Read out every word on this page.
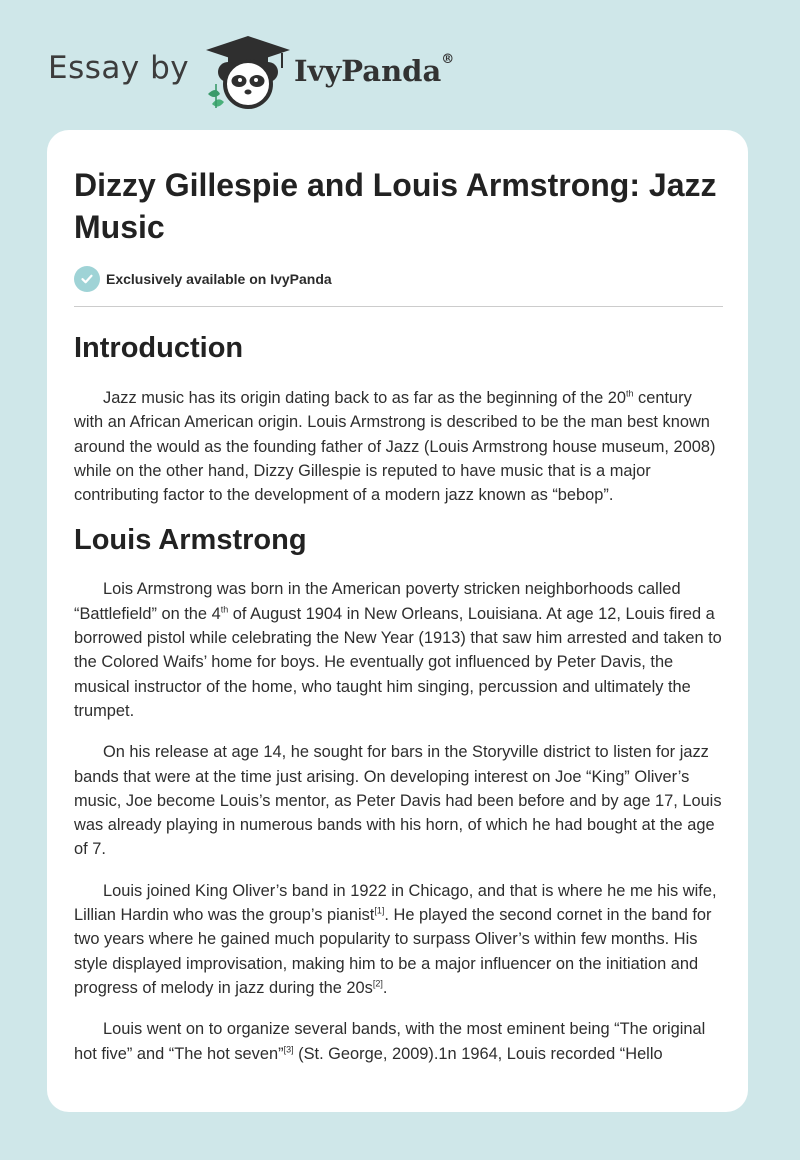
Essay by	IvyPanda®
Dizzy Gillespie and Louis Armstrong: Jazz Music
Exclusively available on IvyPanda
Introduction

Jazz music has its origin dating back to as far as the beginning of the 20th century with an African American origin. Louis Armstrong is described to be the man best known around the would as the founding father of Jazz (Louis Armstrong house museum, 2008) while on the other hand, Dizzy Gillespie is reputed to have music that is a major contributing factor to the development of a modern jazz known as “bebop”.

Louis Armstrong

Lois Armstrong was born in the American poverty stricken neighborhoods called “Battlefield” on the 4th of August 1904 in New Orleans, Louisiana. At age 12, Louis fired a borrowed pistol while celebrating the New Year (1913) that saw him arrested and taken to the Colored Waifs’ home for boys. He eventually got influenced by Peter Davis, the musical instructor of the home, who taught him singing, percussion and ultimately the trumpet.

On his release at age 14, he sought for bars in the Storyville district to listen for jazz bands that were at the time just arising. On developing interest on Joe “King” Oliver’s music, Joe become Louis’s mentor, as Peter Davis had been before and by age 17, Louis was already playing in numerous bands with his horn, of which he had bought at the age of 7.

Louis joined King Oliver’s band in 1922 in Chicago, and that is where he me his wife, Lillian Hardin who was the group’s pianist[1]. He played the second cornet in the band for two years where he gained much popularity to surpass Oliver’s within few months. His style displayed improvisation, making him to be a major influencer on the initiation and progress of melody in jazz during the 20s[2].

Louis went on to organize several bands, with the most eminent being “The original hot five” and “The hot seven”[3] (St. George, 2009).1n 1964, Louis recorded “Hello
